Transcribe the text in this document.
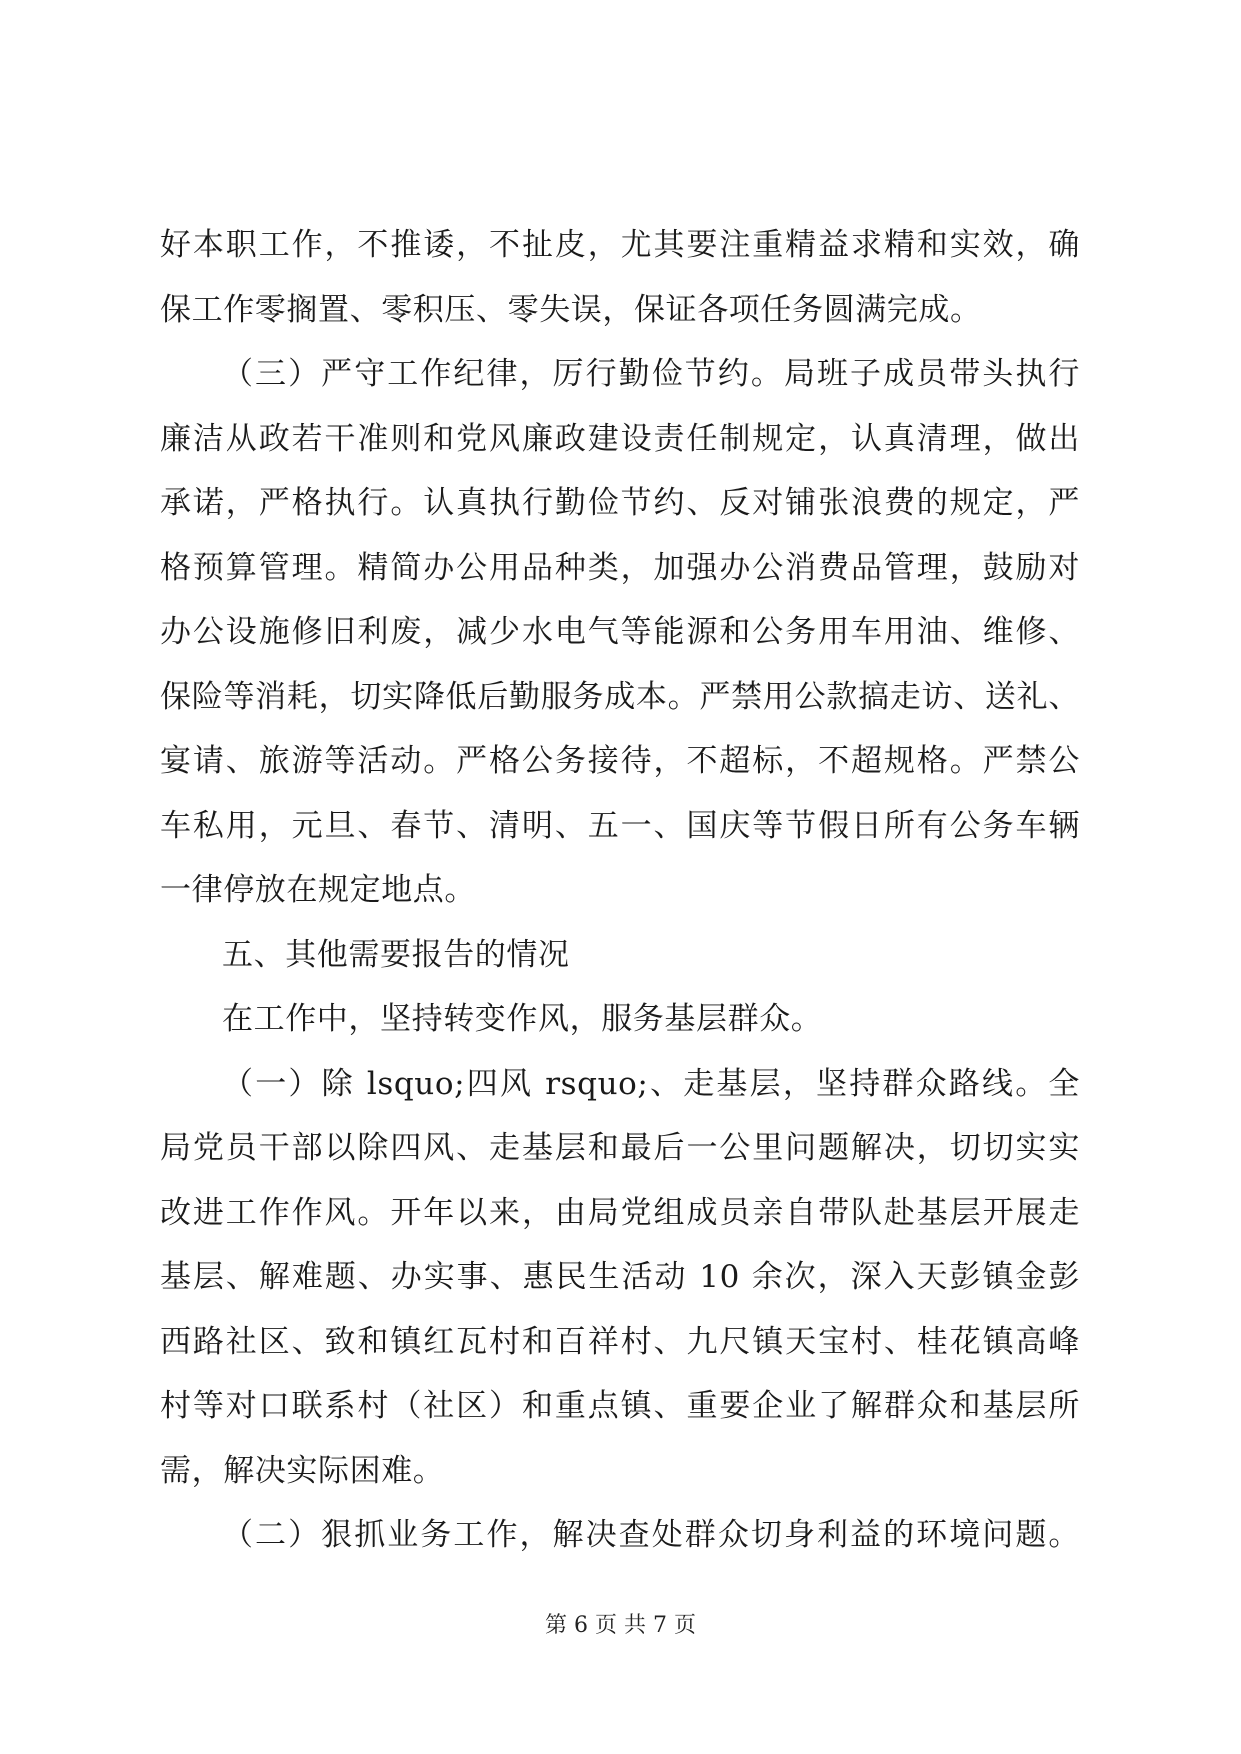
好本职工作，不推诿，不扯皮，尤其要注重精益求精和实效，确
保工作零搁置、零积压、零失误，保证各项任务圆满完成。
（三）严守工作纪律，厉行勤俭节约。局班子成员带头执行
廉洁从政若干准则和党风廉政建设责任制规定，认真清理，做出
承诺，严格执行。认真执行勤俭节约、反对铺张浪费的规定，严
格预算管理。精简办公用品种类，加强办公消费品管理，鼓励对
办公设施修旧利废，减少水电气等能源和公务用车用油、维修、
保险等消耗，切实降低后勤服务成本。严禁用公款搞走访、送礼、
宴请、旅游等活动。严格公务接待，不超标，不超规格。严禁公
车私用，元旦、春节、清明、五一、国庆等节假日所有公务车辆
一律停放在规定地点。
五、其他需要报告的情况
在工作中，坚持转变作风，服务基层群众。
（一）除 lsquo;四风 rsquo;、走基层，坚持群众路线。全
局党员干部以除四风、走基层和最后一公里问题解决，切切实实
改进工作作风。开年以来，由局党组成员亲自带队赴基层开展走
基层、解难题、办实事、惠民生活动 10 余次，深入天彭镇金彭
西路社区、致和镇红瓦村和百祥村、九尺镇天宝村、桂花镇高峰
村等对口联系村（社区）和重点镇、重要企业了解群众和基层所
需，解决实际困难。
（二）狠抓业务工作，解决查处群众切身利益的环境问题。
第 6 页 共 7 页
